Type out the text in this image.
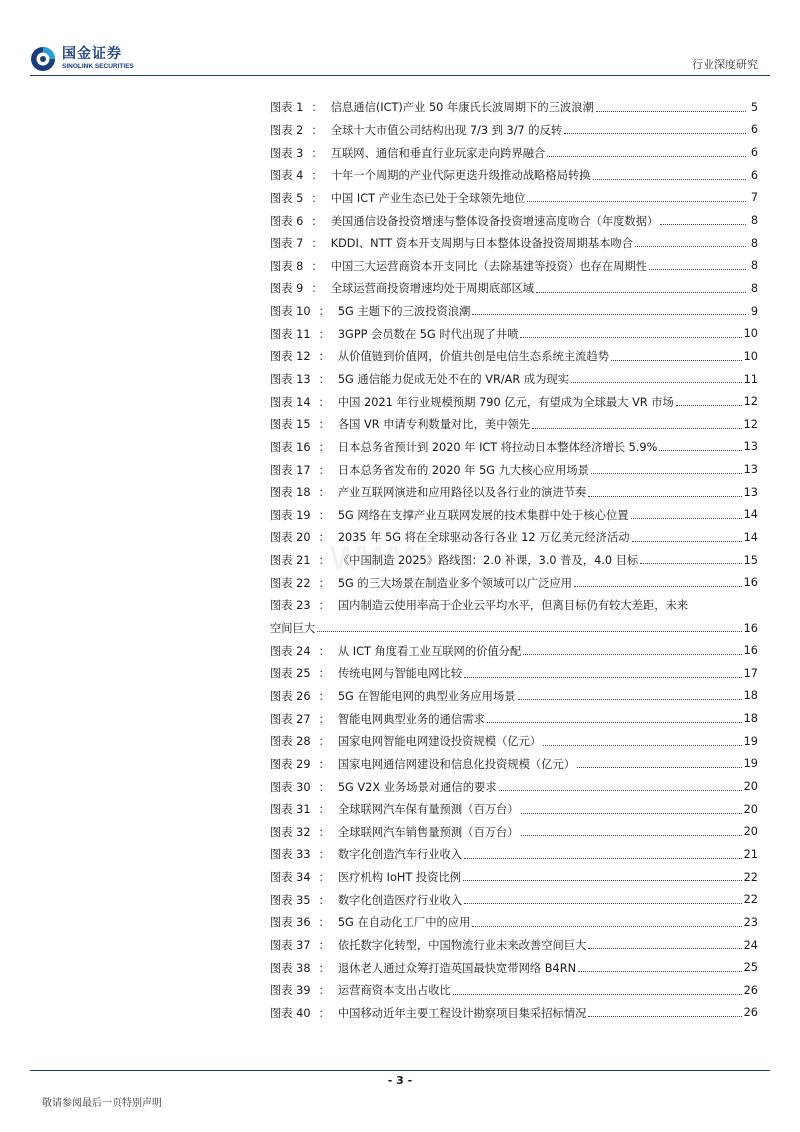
国金证券
SINOLINK SECURITIES	行业深度研究
www
图表 1 ： 信息通信(ICT)产业 50 年康氏长波周期下的三波浪潮	5
图表 2 ： 全球十大市值公司结构出现 7/3 到 3/7 的反转	6
图表 3 ： 互联网、通信和垂直行业玩家走向跨界融合	6
图表 4 ： 十年一个周期的产业代际更迭升级推动战略格局转换	6
图表 5 ： 中国 ICT 产业生态已处于全球领先地位	7
图表 6 ： 美国通信设备投资增速与整体设备投资增速高度吻合（年度数据）	8
图表 7 ： KDDI、NTT 资本开支周期与日本整体设备投资周期基本吻合	8
图表 8 ： 中国三大运营商资本开支同比（去除基建等投资）也存在周期性	8
图表 9 ： 全球运营商投资增速均处于周期底部区域	8
图表 10 ： 5G 主题下的三波投资浪潮	9
图表 11 ： 3GPP 会员数在 5G 时代出现了井喷	10
图表 12 ： 从价值链到价值网，价值共创是电信生态系统主流趋势	10
图表 13 ： 5G 通信能力促成无处不在的 VR/AR 成为现实	11
图表 14 ： 中国 2021 年行业规模预期 790 亿元，有望成为全球最大 VR 市场	12
图表 15 ： 各国 VR 申请专利数量对比，美中领先	12
图表 16 ： 日本总务省预计到 2020 年 ICT 将拉动日本整体经济增长 5.9%	13
图表 17 ： 日本总务省发布的 2020 年 5G 九大核心应用场景	13
图表 18 ： 产业互联网演进和应用路径以及各行业的演进节奏	13
图表 19 ： 5G 网络在支撑产业互联网发展的技术集群中处于核心位置	14
图表 20 ： 2035 年 5G 将在全球驱动各行各业 12 万亿美元经济活动	14
图表 21 ： 《中国制造 2025》路线图：2.0 补课，3.0 普及，4.0 目标	15
图表 22 ： 5G 的三大场景在制造业多个领域可以广泛应用	16
图表 23 ： 国内制造云使用率高于企业云平均水平，但离目标仍有较大差距，未来
空间巨大	16
图表 24 ： 从 ICT 角度看工业互联网的价值分配	16
图表 25 ： 传统电网与智能电网比较	17
图表 26 ： 5G 在智能电网的典型业务应用场景	18
图表 27 ： 智能电网典型业务的通信需求	18
图表 28 ： 国家电网智能电网建设投资规模（亿元）	19
图表 29 ： 国家电网通信网建设和信息化投资规模（亿元）	19
图表 30 ： 5G V2X 业务场景对通信的要求	20
图表 31 ： 全球联网汽车保有量预测（百万台）	20
图表 32 ： 全球联网汽车销售量预测（百万台）	20
图表 33 ： 数字化创造汽车行业收入	21
图表 34 ： 医疗机构 IoHT 投资比例	22
图表 35 ： 数字化创造医疗行业收入	22
图表 36 ： 5G 在自动化工厂中的应用	23
图表 37 ： 依托数字化转型，中国物流行业未来改善空间巨大	24
图表 38 ： 退休老人通过众筹打造英国最快宽带网络 B4RN	25
图表 39 ： 运营商资本支出占收比	26
图表 40 ： 中国移动近年主要工程设计勘察项目集采招标情况	26
- 3 -
敬请参阅最后一页特别声明
